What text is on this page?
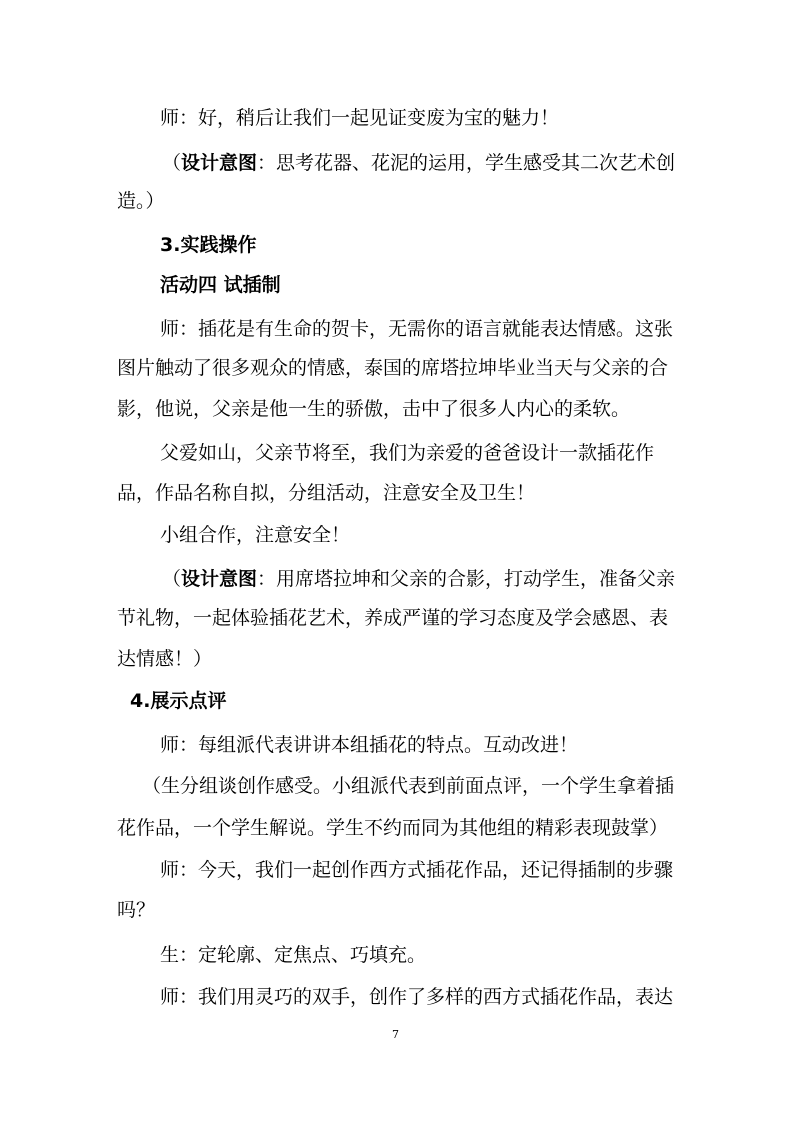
师：好，稍后让我们一起见证变废为宝的魅力！
（设计意图：思考花器、花泥的运用，学生感受其二次艺术创
造。）
3.实践操作
活动四 试插制
师：插花是有生命的贺卡，无需你的语言就能表达情感。这张
图片触动了很多观众的情感，泰国的席塔拉坤毕业当天与父亲的合
影，他说，父亲是他一生的骄傲，击中了很多人内心的柔软。
父爱如山，父亲节将至，我们为亲爱的爸爸设计一款插花作
品，作品名称自拟，分组活动，注意安全及卫生！
小组合作，注意安全！
（设计意图：用席塔拉坤和父亲的合影，打动学生，准备父亲
节礼物，一起体验插花艺术，养成严谨的学习态度及学会感恩、表
达情感！）
4.展示点评
师：每组派代表讲讲本组插花的特点。互动改进！
（生分组谈创作感受。小组派代表到前面点评，一个学生拿着插
花作品，一个学生解说。学生不约而同为其他组的精彩表现鼓掌）
师：今天，我们一起创作西方式插花作品，还记得插制的步骤
吗？
生：定轮廓、定焦点、巧填充。
师：我们用灵巧的双手，创作了多样的西方式插花作品，表达
7
